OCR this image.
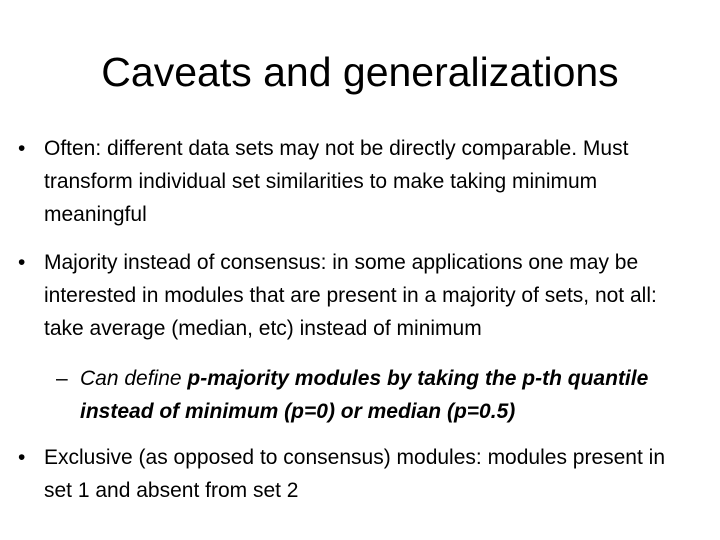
Caveats and generalizations
• Often: different data sets may not be directly comparable. Must transform individual set similarities to make taking minimum meaningful
• Majority instead of consensus: in some applications one may be interested in modules that are present in a majority of sets, not all: take average (median, etc) instead of minimum
– Can define p-majority modules by taking the p-th quantile instead of minimum (p=0) or median (p=0.5)
• Exclusive (as opposed to consensus) modules: modules present in set 1 and absent from set 2
